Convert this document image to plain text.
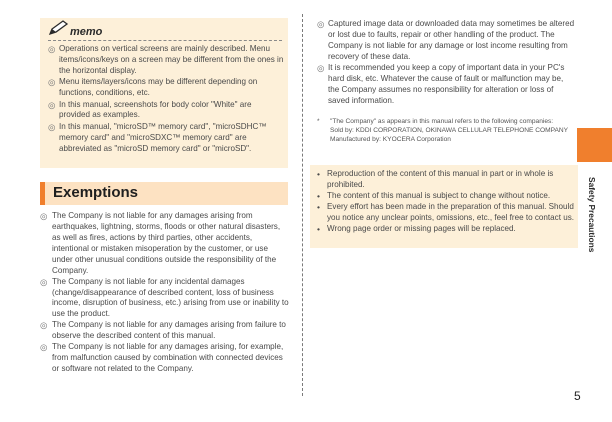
memo
◎ Operations on vertical screens are mainly described. Menu items/icons/keys on a screen may be different from the ones in the horizontal display.
◎ Menu items/layers/icons may be different depending on functions, conditions, etc.
◎ In this manual, screenshots for body color "White" are provided as examples.
◎ In this manual, "microSD™ memory card", "microSDHC™ memory card" and "microSDXC™ memory card" are abbreviated as "microSD memory card" or "microSD".
Exemptions
◎ The Company is not liable for any damages arising from earthquakes, lightning, storms, floods or other natural disasters, as well as fires, actions by third parties, other accidents, intentional or mistaken misoperation by the customer, or use under other unusual conditions outside the responsibility of the Company.
◎ The Company is not liable for any incidental damages (change/disappearance of described content, loss of business income, disruption of business, etc.) arising from use or inability to use the product.
◎ The Company is not liable for any damages arising from failure to observe the described content of this manual.
◎ The Company is not liable for any damages arising, for example, from malfunction caused by combination with connected devices or software not related to the Company.
◎ Captured image data or downloaded data may sometimes be altered or lost due to faults, repair or other handling of the product. The Company is not liable for any damage or lost income resulting from recovery of these data.
◎ It is recommended you keep a copy of important data in your PC's hard disk, etc. Whatever the cause of fault or malfunction may be, the Company assumes no responsibility for alteration or loss of saved information.
* "The Company" as appears in this manual refers to the following companies:
Sold by: KDDI CORPORATION, OKINAWA CELLULAR TELEPHONE COMPANY
Manufactured by: KYOCERA Corporation
• Reproduction of the content of this manual in part or in whole is prohibited.
• The content of this manual is subject to change without notice.
• Every effort has been made in the preparation of this manual. Should you notice any unclear points, omissions, etc., feel free to contact us.
• Wrong page order or missing pages will be replaced.	Safety Precautions
5
